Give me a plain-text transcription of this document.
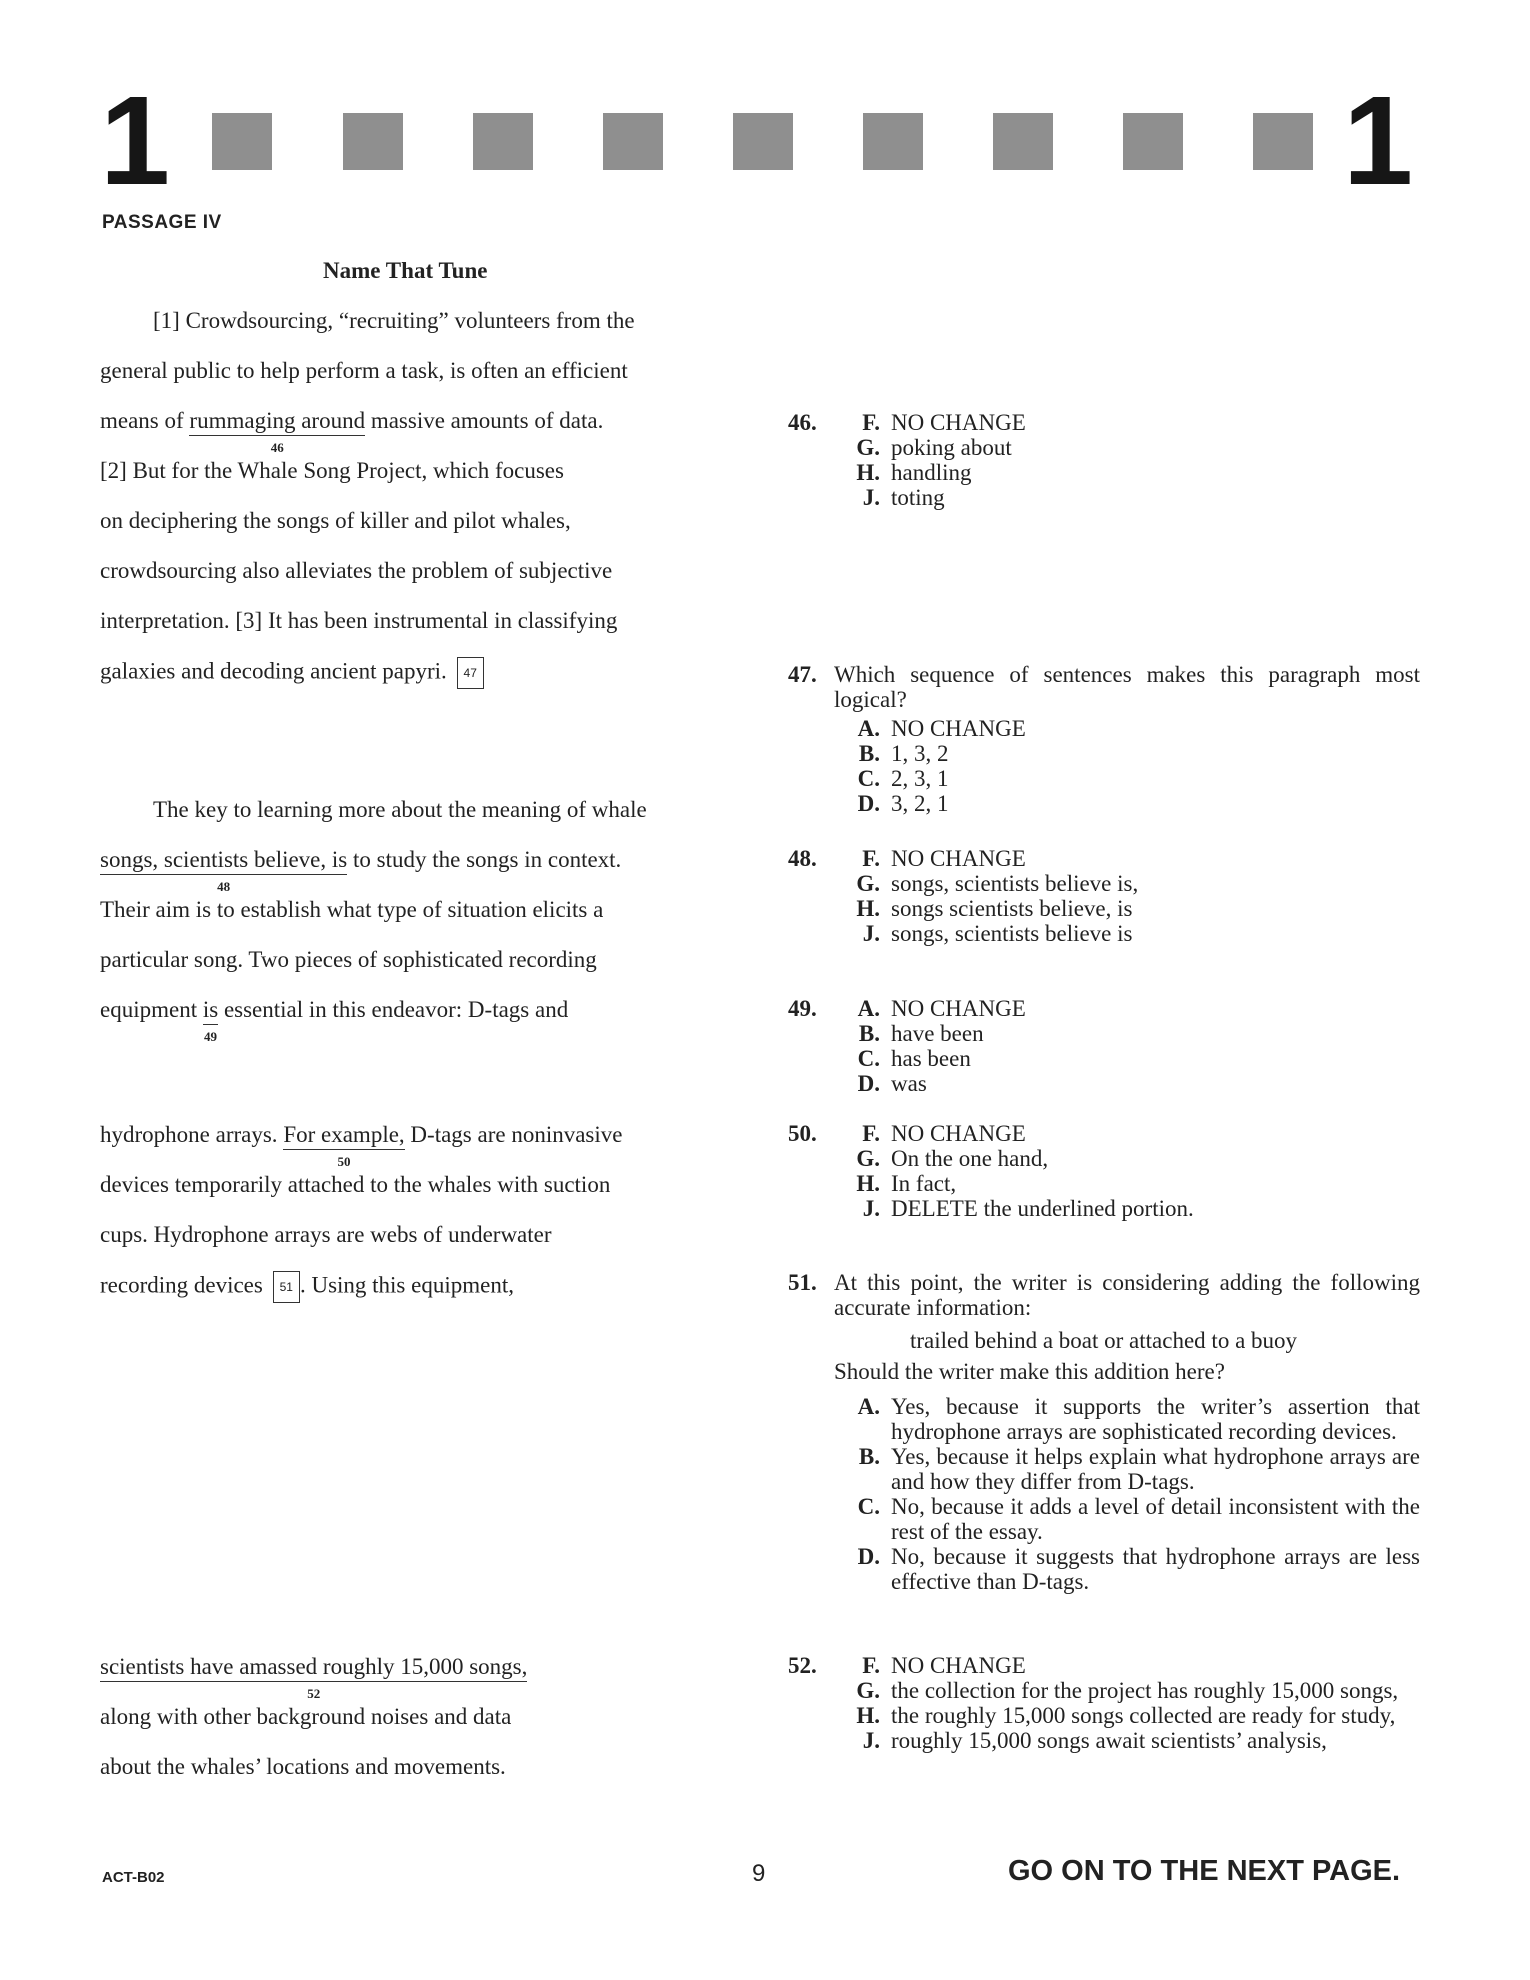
1	1
PASSAGE IV
Name That Tune
[1] Crowdsourcing, “recruiting” volunteers from the
general public to help perform a task, is often an efficient
means of rummaging around
46
massive amounts of data.
[2] But for the Whale Song Project, which focuses
on deciphering the songs of killer and pilot whales,
crowdsourcing also alleviates the problem of subjective
interpretation. [3] It has been instrumental in classifying
galaxies and decoding ancient papyri. 47
The key to learning more about the meaning of whale
songs, scientists believe, is
48
to study the songs in context.
Their aim is to establish what type of situation elicits a
particular song. Two pieces of sophisticated recording
equipment is
49
essential in this endeavor: D-tags and
hydrophone arrays. For example,
50
D-tags are noninvasive
devices temporarily attached to the whales with suction
cups. Hydrophone arrays are webs of underwater
recording devices 51 . Using this equipment,
scientists have amassed roughly 15,000 songs,
52
along with other background noises and data
about the whales’ locations and movements.
46.	F. NO CHANGE
G. poking about
H. handling
J. toting
47. Which sequence of sentences makes this paragraph most logical?
A. NO CHANGE
B. 1, 3, 2
C. 2, 3, 1
D. 3, 2, 1
48.	F. NO CHANGE
G. songs, scientists believe is,
H. songs scientists believe, is
J. songs, scientists believe is
49.	A. NO CHANGE
B. have been
C. has been
D. was
50.	F. NO CHANGE
G. On the one hand,
H. In fact,
J. DELETE the underlined portion.
51. At this point, the writer is considering adding the following accurate information:
trailed behind a boat or attached to a buoy
Should the writer make this addition here?
A. Yes, because it supports the writer’s assertion that hydrophone arrays are sophisticated recording devices.
B. Yes, because it helps explain what hydrophone arrays are and how they differ from D-tags.
C. No, because it adds a level of detail inconsistent with the rest of the essay.
D. No, because it suggests that hydrophone arrays are less effective than D-tags.
52.	F. NO CHANGE
G. the collection for the project has roughly 15,000 songs,
H. the roughly 15,000 songs collected are ready for study,
J. roughly 15,000 songs await scientists’ analysis,
ACT-B02	9	GO ON TO THE NEXT PAGE.
